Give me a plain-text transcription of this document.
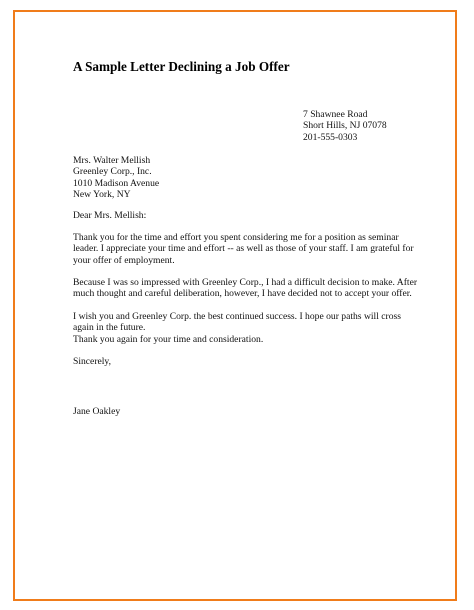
A Sample Letter Declining a Job Offer
7 Shawnee Road
Short Hills, NJ 07078
201-555-0303
Mrs. Walter Mellish
Greenley Corp., Inc.
1010 Madison Avenue
New York, NY
Dear Mrs. Mellish:
Thank you for the time and effort you spent considering me for a position as seminar
leader. I appreciate your time and effort -- as well as those of your staff. I am grateful for
your offer of employment.
Because I was so impressed with Greenley Corp., I had a difficult decision to make. After
much thought and careful deliberation, however, I have decided not to accept your offer.
I wish you and Greenley Corp. the best continued success. I hope our paths will cross
again in the future.
Thank you again for your time and consideration.
Sincerely,
Jane Oakley
